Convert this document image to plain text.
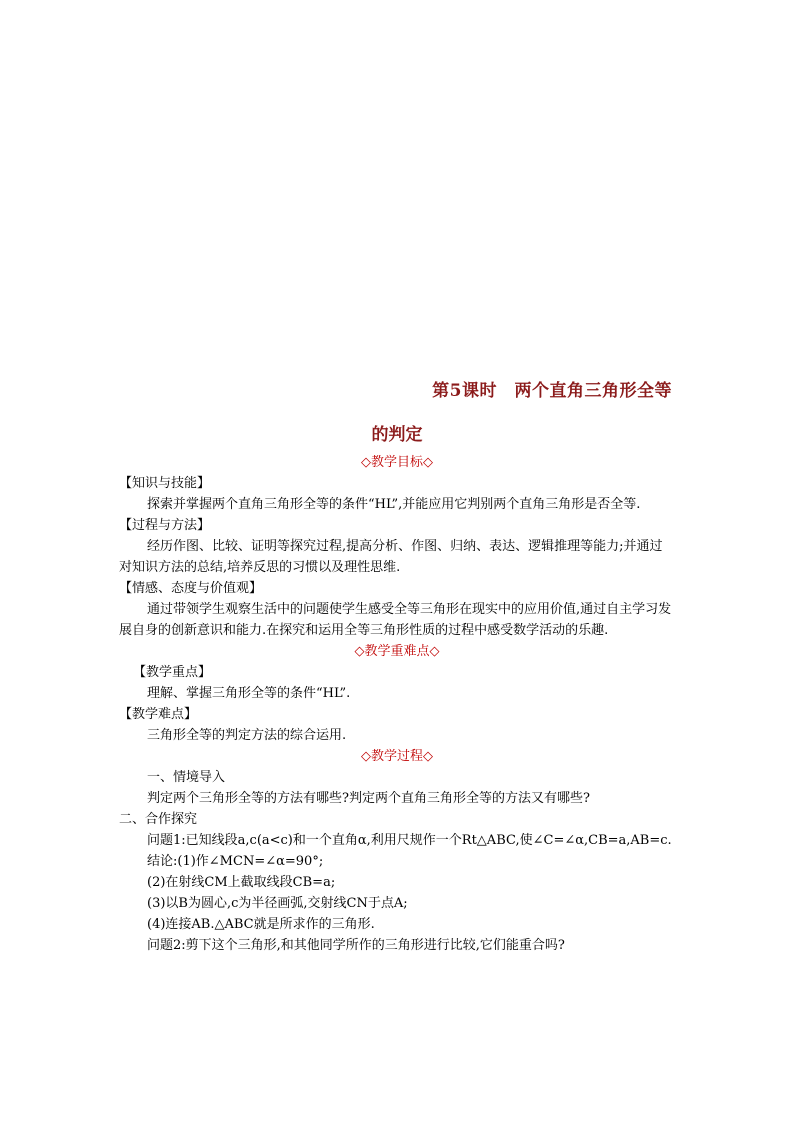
第5课时　两个直角三角形全等
的判定

◇教学目标◇

【知识与技能】

探索并掌握两个直角三角形全等的条件“HL”,并能应用它判别两个直角三角形是否全等.

【过程与方法】

经历作图、比较、证明等探究过程,提高分析、作图、归纳、表达、逻辑推理等能力;并通过对知识方法的总结,培养反思的习惯以及理性思维.

【情感、态度与价值观】

通过带领学生观察生活中的问题使学生感受全等三角形在现实中的应用价值,通过自主学习发展自身的创新意识和能力.在探究和运用全等三角形性质的过程中感受数学活动的乐趣.

◇教学重难点◇

【教学重点】

理解、掌握三角形全等的条件“HL”.

【教学难点】

三角形全等的判定方法的综合运用.

◇教学过程◇

一、情境导入

判定两个三角形全等的方法有哪些?判定两个直角三角形全等的方法又有哪些?

二、合作探究

问题1:已知线段a,c(a<c)和一个直角α,利用尺规作一个Rt△ABC,使∠C=∠α,CB=a,AB=c.

结论:(1)作∠MCN=∠α=90°;

(2)在射线CM上截取线段CB=a;

(3)以B为圆心,c为半径画弧,交射线CN于点A;

(4)连接AB.△ABC就是所求作的三角形.

问题2:剪下这个三角形,和其他同学所作的三角形进行比较,它们能重合吗?
